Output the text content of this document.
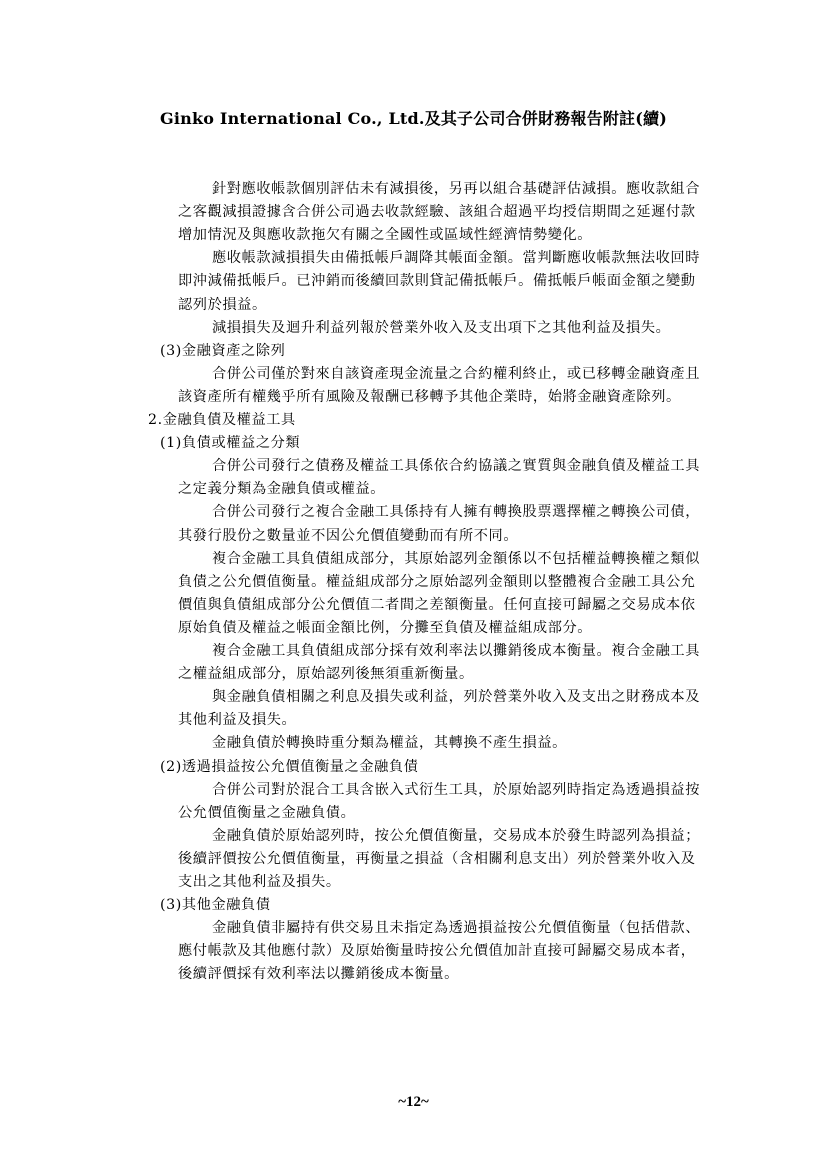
Ginko International Co., Ltd.及其子公司合併財務報告附註(續)
針對應收帳款個別評估未有減損後，另再以組合基礎評估減損。應收款組合
之客觀減損證據含合併公司過去收款經驗、該組合超過平均授信期間之延遲付款
增加情況及與應收款拖欠有關之全國性或區域性經濟情勢變化。
應收帳款減損損失由備抵帳戶調降其帳面金額。當判斷應收帳款無法收回時
即沖減備抵帳戶。已沖銷而後續回款則貸記備抵帳戶。備抵帳戶帳面金額之變動
認列於損益。
減損損失及迴升利益列報於營業外收入及支出項下之其他利益及損失。
(3)金融資產之除列
合併公司僅於對來自該資產現金流量之合約權利終止，或已移轉金融資產且
該資產所有權幾乎所有風險及報酬已移轉予其他企業時，始將金融資產除列。
2.金融負債及權益工具
(1)負債或權益之分類
合併公司發行之債務及權益工具係依合約協議之實質與金融負債及權益工具
之定義分類為金融負債或權益。
合併公司發行之複合金融工具係持有人擁有轉換股票選擇權之轉換公司債，
其發行股份之數量並不因公允價值變動而有所不同。
複合金融工具負債組成部分，其原始認列金額係以不包括權益轉換權之類似
負債之公允價值衡量。權益組成部分之原始認列金額則以整體複合金融工具公允
價值與負債組成部分公允價值二者間之差額衡量。任何直接可歸屬之交易成本依
原始負債及權益之帳面金額比例，分攤至負債及權益組成部分。
複合金融工具負債組成部分採有效利率法以攤銷後成本衡量。複合金融工具
之權益組成部分，原始認列後無須重新衡量。
與金融負債相關之利息及損失或利益，列於營業外收入及支出之財務成本及
其他利益及損失。
金融負債於轉換時重分類為權益，其轉換不產生損益。
(2)透過損益按公允價值衡量之金融負債
合併公司對於混合工具含嵌入式衍生工具，於原始認列時指定為透過損益按
公允價值衡量之金融負債。
金融負債於原始認列時，按公允價值衡量，交易成本於發生時認列為損益；
後續評價按公允價值衡量，再衡量之損益（含相關利息支出）列於營業外收入及
支出之其他利益及損失。
(3)其他金融負債
金融負債非屬持有供交易且未指定為透過損益按公允價值衡量（包括借款、
應付帳款及其他應付款）及原始衡量時按公允價值加計直接可歸屬交易成本者，
後續評價採有效利率法以攤銷後成本衡量。
~12~
